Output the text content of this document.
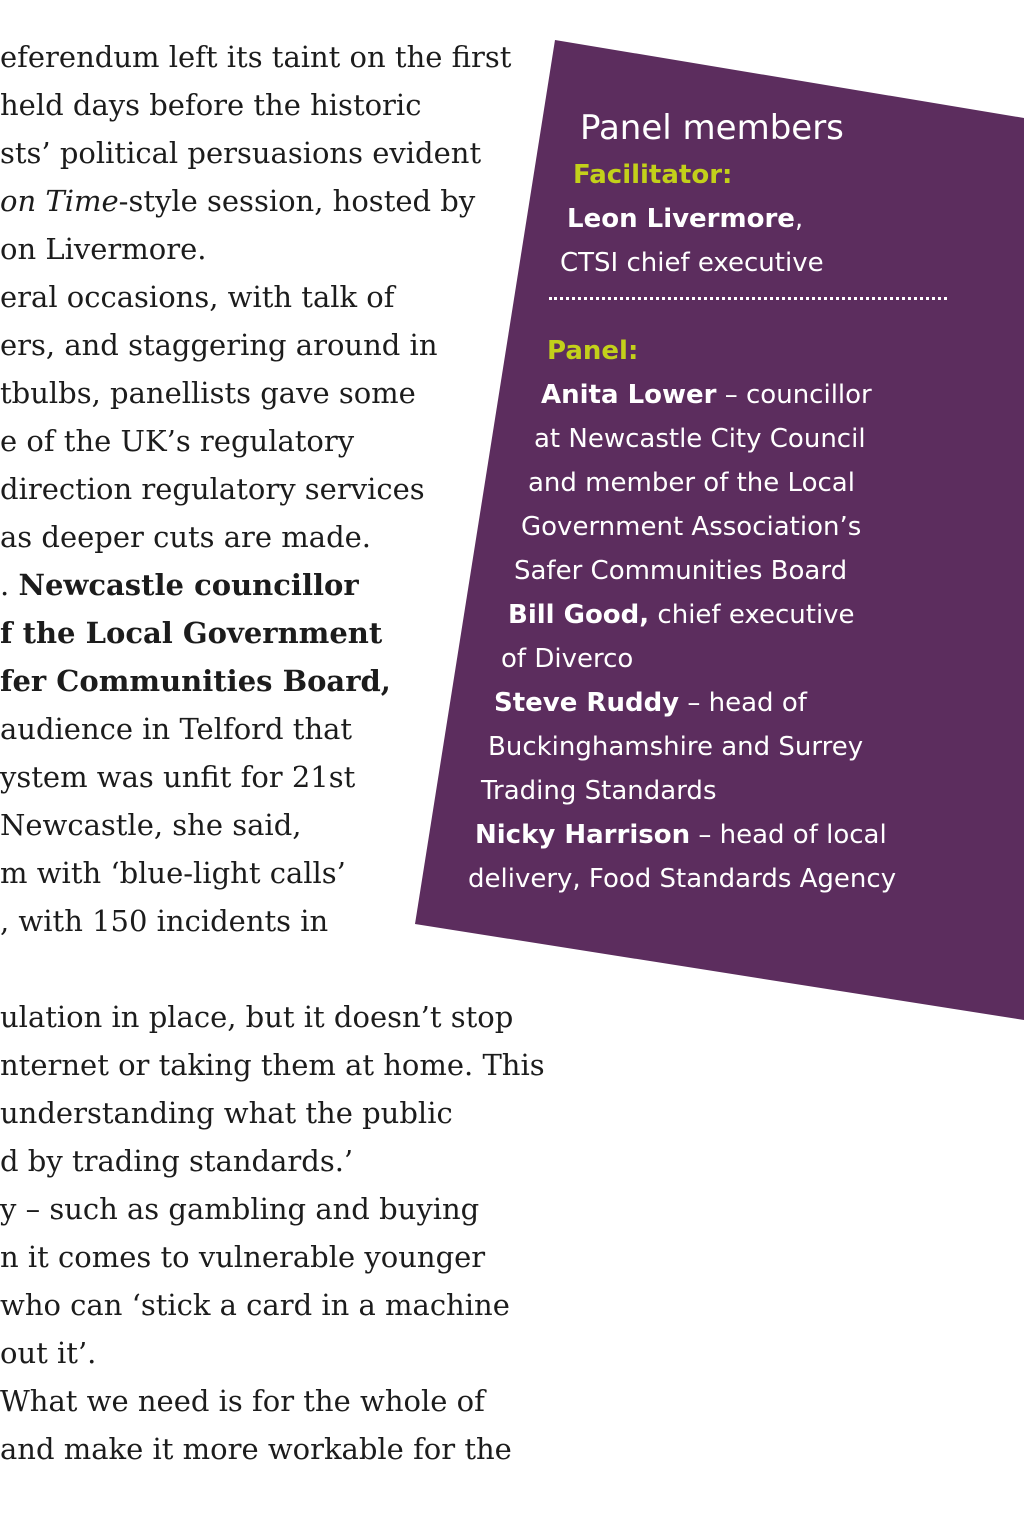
eferendum left its taint on the first
held days before the historic
sts’ political persuasions evident
on Time-style session, hosted by
on Livermore.
eral occasions, with talk of
ers, and staggering around in
tbulbs, panellists gave some
e of the UK’s regulatory
direction regulatory services
as deeper cuts are made.
. Newcastle councillor
f the Local Government
fer Communities Board,
audience in Telford that
ystem was unfit for 21st
Newcastle, she said,
m with ‘blue-light calls’
, with 150 incidents in
ulation in place, but it doesn’t stop
nternet or taking them at home. This
understanding what the public
d by trading standards.’
y – such as gambling and buying
n it comes to vulnerable younger
who can ‘stick a card in a machine
out it’.
What we need is for the whole of
and make it more workable for the
Panel members
Facilitator:
Leon Livermore,
CTSI chief executive
Panel:
Anita Lower – councillor
at Newcastle City Council
and member of the Local
Government Association’s
Safer Communities Board
Bill Good, chief executive
of Diverco
Steve Ruddy – head of
Buckinghamshire and Surrey
Trading Standards
Nicky Harrison – head of local
delivery, Food Standards Agency
